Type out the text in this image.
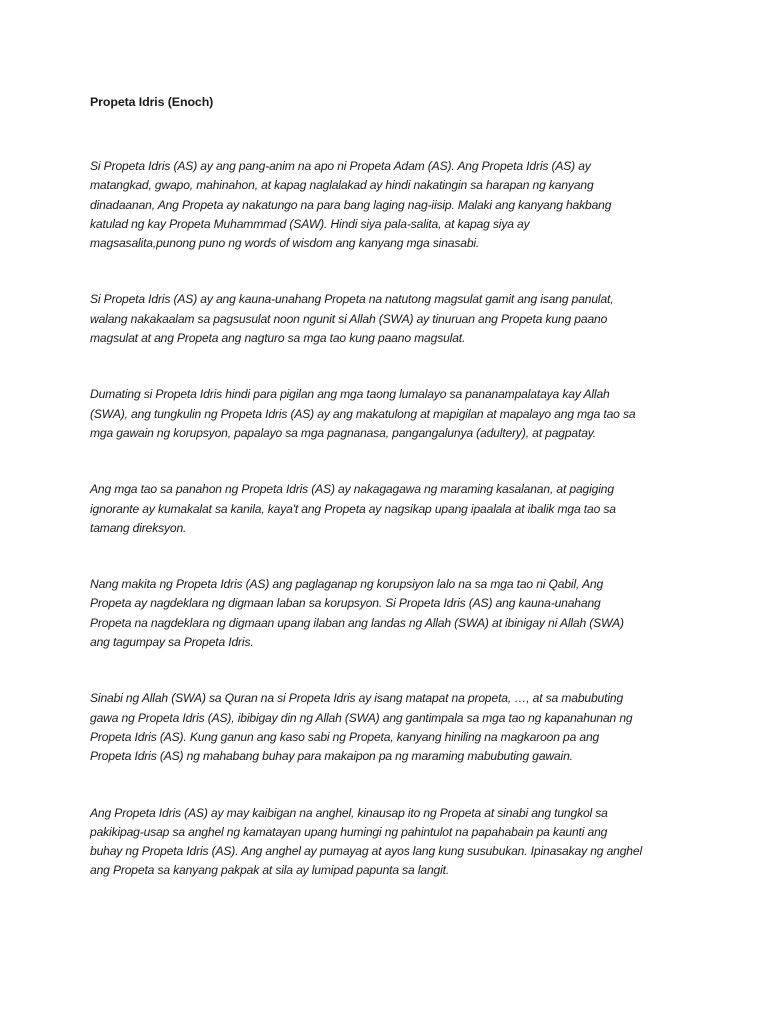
Propeta Idris (Enoch)
Si Propeta Idris (AS) ay ang pang-anim na apo ni Propeta Adam (AS). Ang Propeta Idris (AS) ay
matangkad, gwapo, mahinahon, at kapag naglalakad ay hindi nakatingin sa harapan ng kanyang
dinadaanan, Ang Propeta ay nakatungo na para bang laging nag-iisip. Malaki ang kanyang hakbang
katulad ng kay Propeta Muhammmad (SAW). Hindi siya pala-salita, at kapag siya ay
magsasalita,punong puno ng words of wisdom ang kanyang mga sinasabi.
Si Propeta Idris (AS) ay ang kauna-unahang Propeta na natutong magsulat gamit ang isang panulat,
walang nakakaalam sa pagsusulat noon ngunit si Allah (SWA) ay tinuruan ang Propeta kung paano
magsulat at ang Propeta ang nagturo sa mga tao kung paano magsulat.
Dumating si Propeta Idris hindi para pigilan ang mga taong lumalayo sa pananampalataya kay Allah
(SWA), ang tungkulin ng Propeta Idris (AS) ay ang makatulong at mapigilan at mapalayo ang mga tao sa
mga gawain ng korupsyon, papalayo sa mga pagnanasa, pangangalunya (adultery), at pagpatay.
Ang mga tao sa panahon ng Propeta Idris (AS) ay nakagagawa ng maraming kasalanan, at pagiging
ignorante ay kumakalat sa kanila, kaya't ang Propeta ay nagsikap upang ipaalala at ibalik mga tao sa
tamang direksyon.
Nang makita ng Propeta Idris (AS) ang paglaganap ng korupsiyon lalo na sa mga tao ni Qabil, Ang
Propeta ay nagdeklara ng digmaan laban sa korupsyon. Si Propeta Idris (AS) ang kauna-unahang
Propeta na nagdeklara ng digmaan upang ilaban ang landas ng Allah (SWA) at ibinigay ni Allah (SWA)
ang tagumpay sa Propeta Idris.
Sinabi ng Allah (SWA) sa Quran na si Propeta Idris ay isang matapat na propeta, …, at sa mabubuting
gawa ng Propeta Idris (AS), ibibigay din ng Allah (SWA) ang gantimpala sa mga tao ng kapanahunan ng
Propeta Idris (AS). Kung ganun ang kaso sabi ng Propeta, kanyang hiniling na magkaroon pa ang
Propeta Idris (AS) ng mahabang buhay para makaipon pa ng maraming mabubuting gawain.
Ang Propeta Idris (AS) ay may kaibigan na anghel, kinausap ito ng Propeta at sinabi ang tungkol sa
pakikipag-usap sa anghel ng kamatayan upang humingi ng pahintulot na papahabain pa kaunti ang
buhay ng Propeta Idris (AS). Ang anghel ay pumayag at ayos lang kung susubukan. Ipinasakay ng anghel
ang Propeta sa kanyang pakpak at sila ay lumipad papunta sa langit.
